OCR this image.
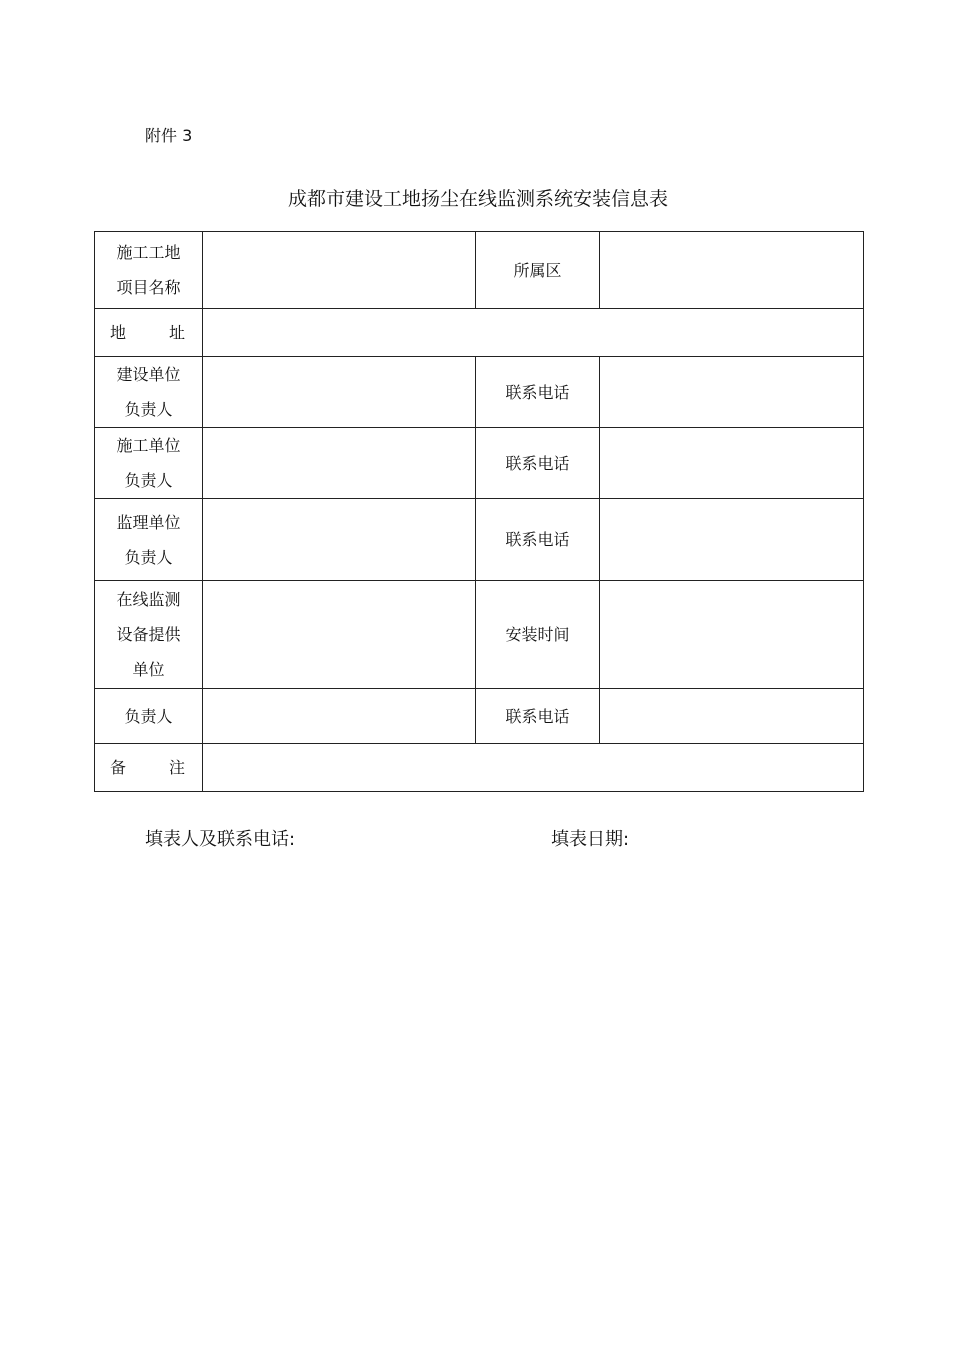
附件 3
成都市建设工地扬尘在线监测系统安装信息表
施工工地
项目名称		所属区	

地　　址			

建设单位
负责人		联系电话	

施工单位
负责人		联系电话	

监理单位
负责人		联系电话	

在线监测
设备提供
单位		安装时间	
负责人		联系电话	

备　　注			

填表人及联系电话:	填表日期:
